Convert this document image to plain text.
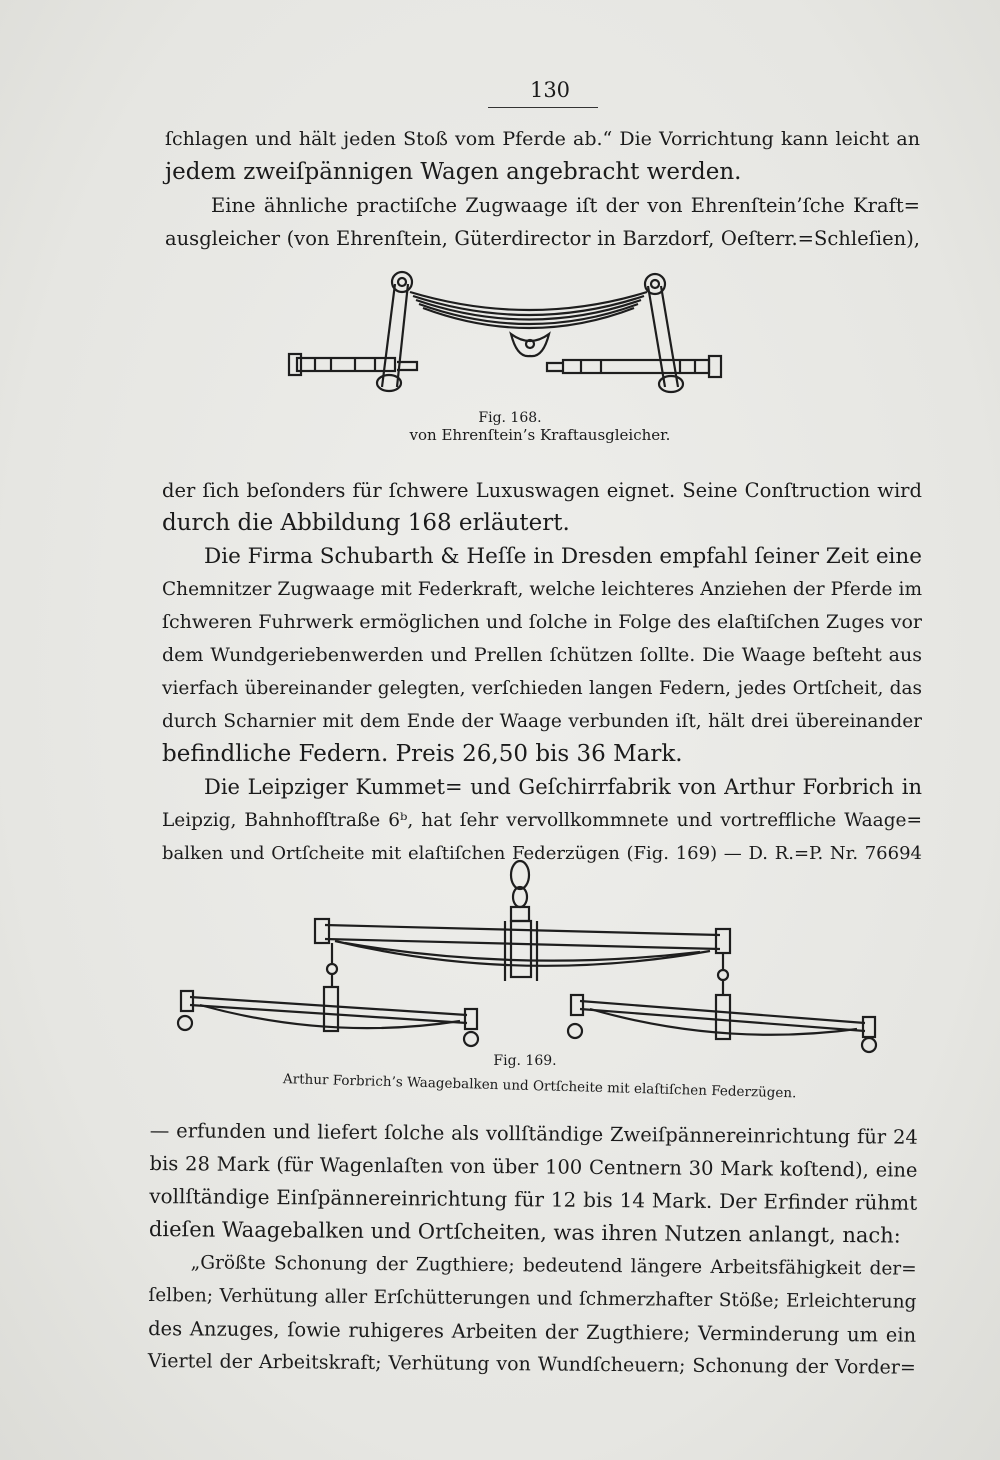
130
ſchlagen und hält jeden Stoß vom Pferde ab.“ Die Vorrichtung kann leicht an
jedem zweiſpännigen Wagen angebracht werden.
Eine ähnliche practiſche Zugwaage iſt der von Ehrenſtein’ſche Kraft=
ausgleicher (von Ehrenſtein, Güterdirector in Barzdorf, Oeſterr.=Schleſien),
Fig. 168.
von Ehrenſtein’s Kraftausgleicher.
der ſich beſonders für ſchwere Luxuswagen eignet. Seine Conſtruction wird
durch die Abbildung 168 erläutert.
Die Firma Schubarth & Heſſe in Dresden empfahl ſeiner Zeit eine
Chemnitzer Zugwaage mit Federkraft, welche leichteres Anziehen der Pferde im
ſchweren Fuhrwerk ermöglichen und ſolche in Folge des elaſtiſchen Zuges vor
dem Wundgeriebenwerden und Prellen ſchützen ſollte. Die Waage beſteht aus
vierfach übereinander gelegten, verſchieden langen Federn, jedes Ortſcheit, das
durch Scharnier mit dem Ende der Waage verbunden iſt, hält drei übereinander
befindliche Federn. Preis 26,50 bis 36 Mark.
Die Leipziger Kummet= und Geſchirrfabrik von Arthur Forbrich in
Leipzig, Bahnhofſtraße 6ᵇ, hat ſehr vervollkommnete und vortreffliche Waage=
balken und Ortſcheite mit elaſtiſchen Federzügen (Fig. 169) — D. R.=P. Nr. 76694
Fig. 169.
Arthur Forbrich’s Waagebalken und Ortſcheite mit elaſtiſchen Federzügen.
— erfunden und liefert ſolche als vollſtändige Zweiſpännereinrichtung für 24
bis 28 Mark (für Wagenlaſten von über 100 Centnern 30 Mark koſtend), eine
vollſtändige Einſpännereinrichtung für 12 bis 14 Mark. Der Erfinder rühmt
dieſen Waagebalken und Ortſcheiten, was ihren Nutzen anlangt, nach:
„Größte Schonung der Zugthiere; bedeutend längere Arbeitsfähigkeit der=
ſelben; Verhütung aller Erſchütterungen und ſchmerzhafter Stöße; Erleichterung
des Anzuges, ſowie ruhigeres Arbeiten der Zugthiere; Verminderung um ein
Viertel der Arbeitskraft; Verhütung von Wundſcheuern; Schonung der Vorder=
